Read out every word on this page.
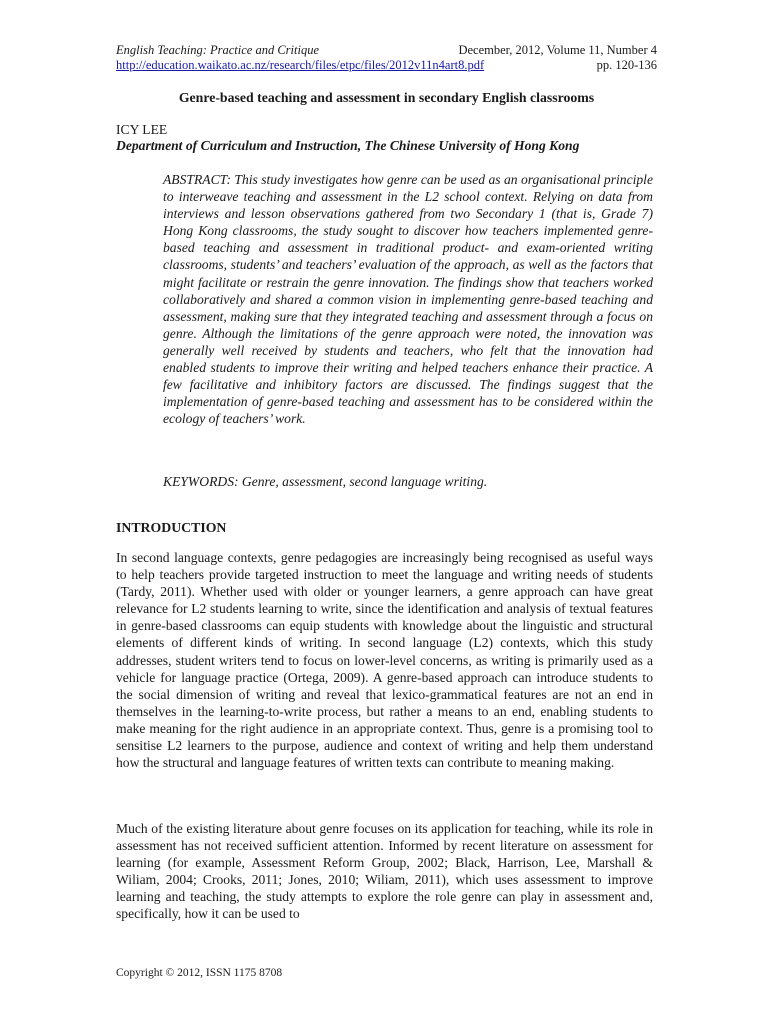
English Teaching: Practice and Critique	December, 2012, Volume 11, Number 4
http://education.waikato.ac.nz/research/files/etpc/files/2012v11n4art8.pdf	pp. 120-136
Genre-based teaching and assessment in secondary English classrooms
ICY LEE
Department of Curriculum and Instruction, The Chinese University of Hong Kong

ABSTRACT: This study investigates how genre can be used as an organisational principle to interweave teaching and assessment in the L2 school context. Relying on data from interviews and lesson observations gathered from two Secondary 1 (that is, Grade 7) Hong Kong classrooms, the study sought to discover how teachers implemented genre-based teaching and assessment in traditional product- and exam-oriented writing classrooms, students’ and teachers’ evaluation of the approach, as well as the factors that might facilitate or restrain the genre innovation. The findings show that teachers worked collaboratively and shared a common vision in implementing genre-based teaching and assessment, making sure that they integrated teaching and assessment through a focus on genre. Although the limitations of the genre approach were noted, the innovation was generally well received by students and teachers, who felt that the innovation had enabled students to improve their writing and helped teachers enhance their practice. A few facilitative and inhibitory factors are discussed. The findings suggest that the implementation of genre-based teaching and assessment has to be considered within the ecology of teachers’ work.

KEYWORDS: Genre, assessment, second language writing.

INTRODUCTION

In second language contexts, genre pedagogies are increasingly being recognised as useful ways to help teachers provide targeted instruction to meet the language and writing needs of students (Tardy, 2011). Whether used with older or younger learners, a genre approach can have great relevance for L2 students learning to write, since the identification and analysis of textual features in genre-based classrooms can equip students with knowledge about the linguistic and structural elements of different kinds of writing. In second language (L2) contexts, which this study addresses, student writers tend to focus on lower-level concerns, as writing is primarily used as a vehicle for language practice (Ortega, 2009). A genre-based approach can introduce students to the social dimension of writing and reveal that lexico-grammatical features are not an end in themselves in the learning-to-write process, but rather a means to an end, enabling students to make meaning for the right audience in an appropriate context. Thus, genre is a promising tool to sensitise L2 learners to the purpose, audience and context of writing and help them understand how the structural and language features of written texts can contribute to meaning making.

Much of the existing literature about genre focuses on its application for teaching, while its role in assessment has not received sufficient attention. Informed by recent literature on assessment for learning (for example, Assessment Reform Group, 2002; Black, Harrison, Lee, Marshall & Wiliam, 2004; Crooks, 2011; Jones, 2010; Wiliam, 2011), which uses assessment to improve learning and teaching, the study attempts to explore the role genre can play in assessment and, specifically, how it can be used to

Copyright © 2012, ISSN 1175 8708
